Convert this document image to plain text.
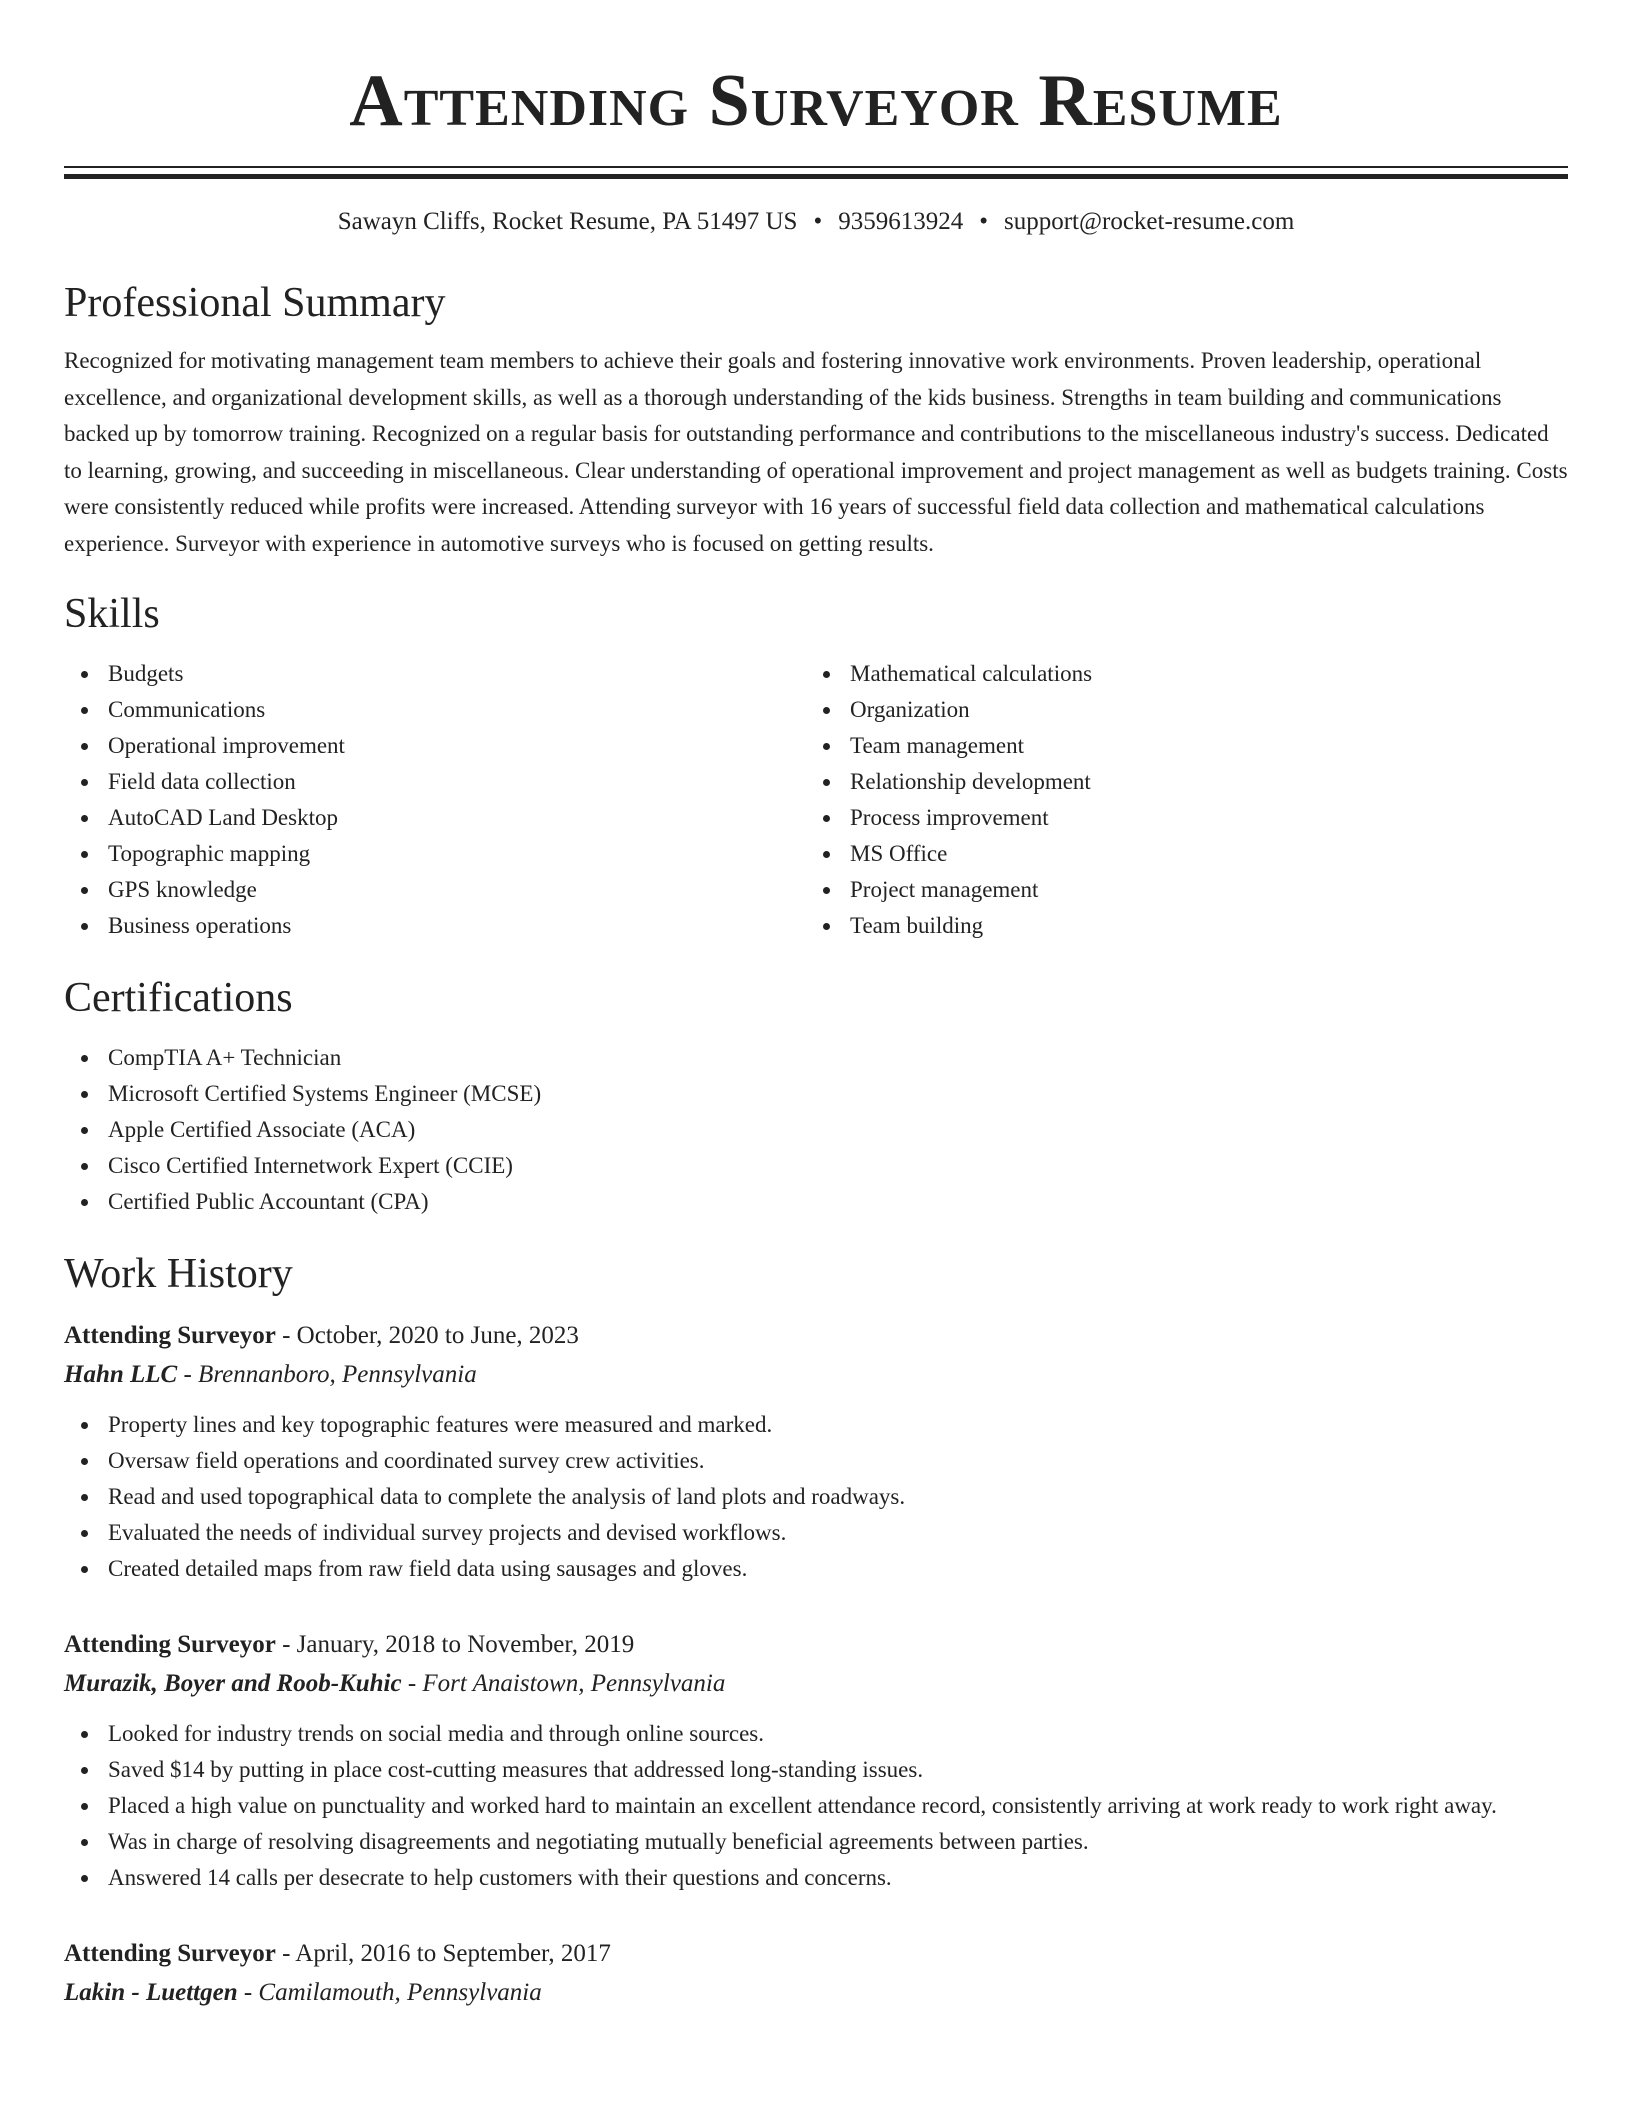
Attending Surveyor Resume
Sawayn Cliffs, Rocket Resume, PA 51497 US • 9359613924 • support@rocket-resume.com
Professional Summary

Recognized for motivating management team members to achieve their goals and fostering innovative work environments. Proven leadership, operational excellence, and organizational development skills, as well as a thorough understanding of the kids business. Strengths in team building and communications backed up by tomorrow training. Recognized on a regular basis for outstanding performance and contributions to the miscellaneous industry's success. Dedicated to learning, growing, and succeeding in miscellaneous. Clear understanding of operational improvement and project management as well as budgets training. Costs were consistently reduced while profits were increased. Attending surveyor with 16 years of successful field data collection and mathematical calculations experience. Surveyor with experience in automotive surveys who is focused on getting results.

Skills
Budgets
Communications
Operational improvement
Field data collection
AutoCAD Land Desktop
Topographic mapping
GPS knowledge
Business operations
Mathematical calculations
Organization
Team management
Relationship development
Process improvement
MS Office
Project management
Team building
Certifications
CompTIA A+ Technician
Microsoft Certified Systems Engineer (MCSE)
Apple Certified Associate (ACA)
Cisco Certified Internetwork Expert (CCIE)
Certified Public Accountant (CPA)
Work History
Attending Surveyor - October, 2020 to June, 2023
Hahn LLC - Brennanboro, Pennsylvania
Property lines and key topographic features were measured and marked.
Oversaw field operations and coordinated survey crew activities.
Read and used topographical data to complete the analysis of land plots and roadways.
Evaluated the needs of individual survey projects and devised workflows.
Created detailed maps from raw field data using sausages and gloves.
Attending Surveyor - January, 2018 to November, 2019
Murazik, Boyer and Roob-Kuhic - Fort Anaistown, Pennsylvania
Looked for industry trends on social media and through online sources.
Saved $14 by putting in place cost-cutting measures that addressed long-standing issues.
Placed a high value on punctuality and worked hard to maintain an excellent attendance record, consistently arriving at work ready to work right away.
Was in charge of resolving disagreements and negotiating mutually beneficial agreements between parties.
Answered 14 calls per desecrate to help customers with their questions and concerns.
Attending Surveyor - April, 2016 to September, 2017
Lakin - Luettgen - Camilamouth, Pennsylvania
